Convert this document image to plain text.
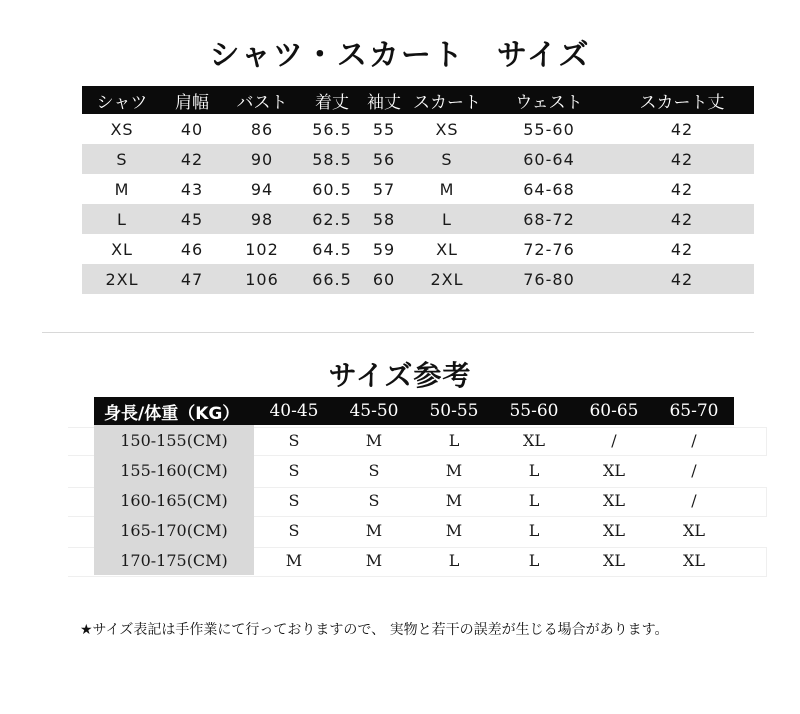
シャツ・スカート　サイズ
シャツ	肩幅	バスト	着丈	袖丈	スカート	ウェスト	スカート丈
XS	40	86	56.5	55	XS	55-60	42
S	42	90	58.5	56	S	60-64	42
M	43	94	60.5	57	M	64-68	42
L	45	98	62.5	58	L	68-72	42
XL	46	102	64.5	59	XL	72-76	42
2XL	47	106	66.5	60	2XL	76-80	42
サイズ参考
身長/体重（KG）	40-45	45-50	50-55	55-60	60-65	65-70
150-155(CM)	S	M	L	XL	/	/
155-160(CM)	S	S	M	L	XL	/
160-165(CM)	S	S	M	L	XL	/
165-170(CM)	S	M	M	L	XL	XL
170-175(CM)	M	M	L	L	XL	XL
★サイズ表記は手作業にて行っておりますので、 実物と若干の誤差が生じる場合があります。
